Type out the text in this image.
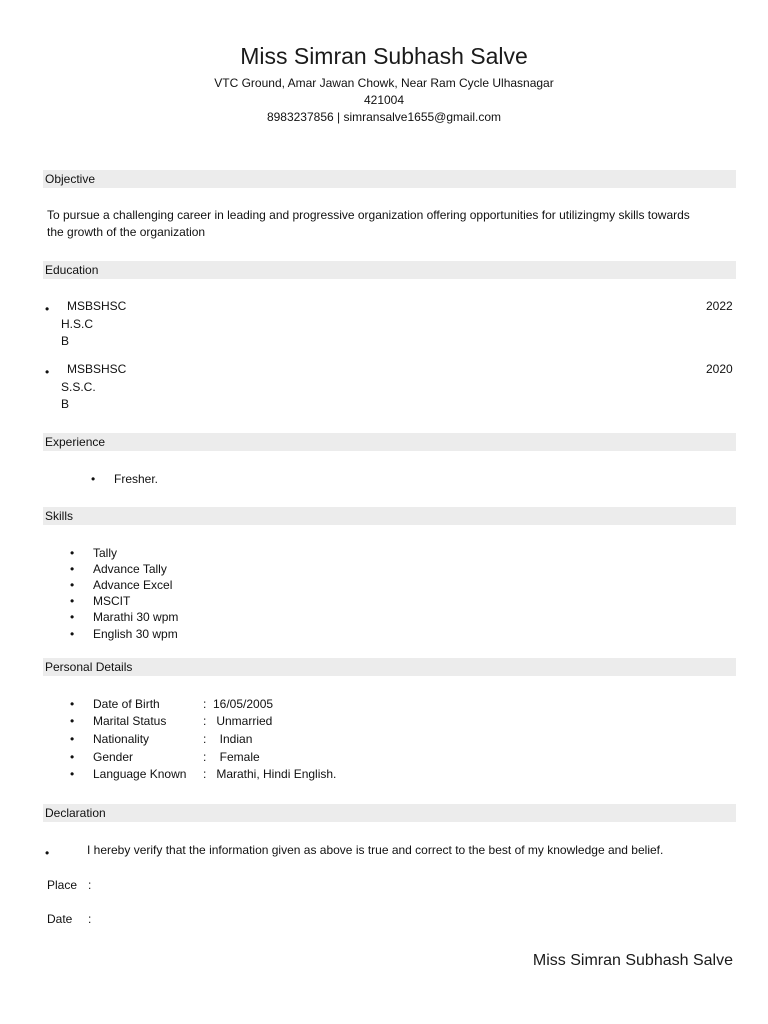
Miss Simran Subhash Salve
VTC Ground, Amar Jawan Chowk, Near Ram Cycle Ulhasnagar
421004
8983237856 | simransalve1655@gmail.com
Objective
To pursue a challenging career in leading and progressive organization offering opportunities for utilizingmy skills towards
the growth of the organization
Education
•
MSBSHSC	2022
H.S.C
B
•
MSBSHSC	2020
S.S.C.
B
Experience
•
Fresher.
Skills
•
Tally
•
Advance Tally
•
Advance Excel
•
MSCIT
•
Marathi 30 wpm
•
English 30 wpm
Personal Details
•
Date of Birth	:  16/05/2005
•
Marital Status	:   Unmarried
•
Nationality	:    Indian
•
Gender	:    Female
•
Language Known :   Marathi, Hindi English.
Declaration
•
I hereby verify that the information given as above is true and correct to the best of my knowledge and belief.
Place :
Date :
Miss Simran Subhash Salve
